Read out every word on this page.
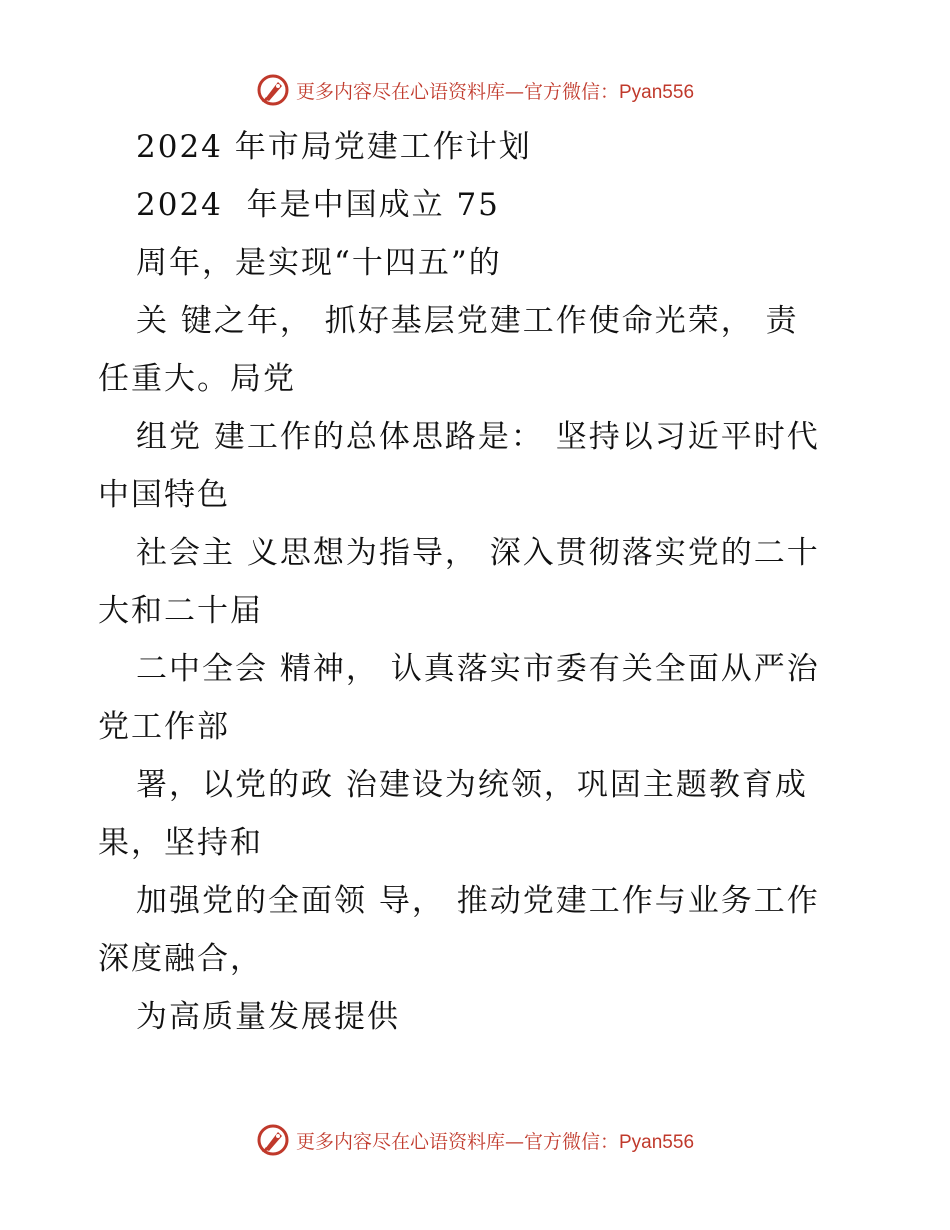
更多内容尽在心语资料库—官方微信：Pyan556
2024 年市局党建工作计划
2024  年是中国成立 75
周年，是实现“十四五”的
关 键之年， 抓好基层党建工作使命光荣， 责
任重大。局党
组党 建工作的总体思路是： 坚持以习近平时代
中国特色
社会主 义思想为指导， 深入贯彻落实党的二十
大和二十届
二中全会 精神， 认真落实市委有关全面从严治
党工作部
署，以党的政 治建设为统领，巩固主题教育成
果，坚持和
加强党的全面领 导， 推动党建工作与业务工作
深度融合，
为高质量发展提供
更多内容尽在心语资料库—官方微信：Pyan556
